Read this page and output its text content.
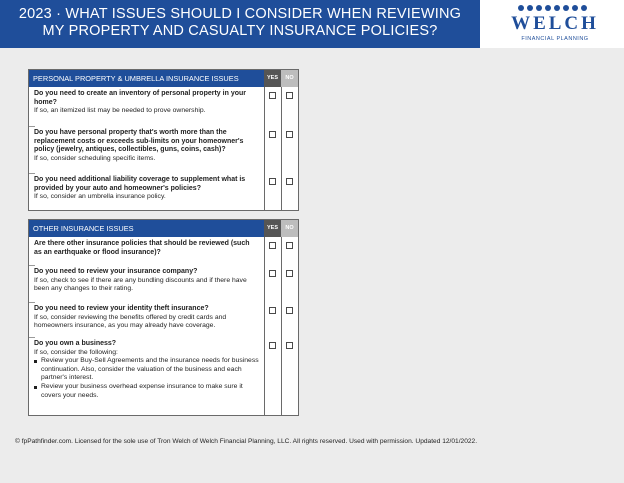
2023 · WHAT ISSUES SHOULD I CONSIDER WHEN REVIEWING
MY PROPERTY AND CASUALTY INSURANCE POLICIES?	WELCH
FINANCIAL PLANNING
PERSONAL PROPERTY & UMBRELLA INSURANCE ISSUES	YES	NO
Do you need to create an inventory of personal property in your home?
If so, an itemized list may be needed to prove ownership.
Do you have personal property that's worth more than the replacement costs or exceeds sub-limits on your homeowner's policy (jewelry, antiques, collectibles, guns, coins, cash)?
If so, consider scheduling specific items.
Do you need additional liability coverage to supplement what is provided by your auto and homeowner's policies?
If so, consider an umbrella insurance policy.
OTHER INSURANCE ISSUES	YES	NO
Are there other insurance policies that should be reviewed (such as an earthquake or flood insurance)?
Do you need to review your insurance company?
If so, check to see if there are any bundling discounts and if there have been any changes to their rating.
Do you need to review your identity theft insurance?
If so, consider reviewing the benefits offered by credit cards and homeowners insurance, as you may already have coverage.
Do you own a business?
If so, consider the following:
Review your Buy-Sell Agreements and the insurance needs for business continuation. Also, consider the valuation of the business and each partner's interest.
Review your business overhead expense insurance to make sure it covers your needs.
© fpPathfinder.com. Licensed for the sole use of Tron Welch of Welch Financial Planning, LLC. All rights reserved. Used with permission. Updated 12/01/2022.
